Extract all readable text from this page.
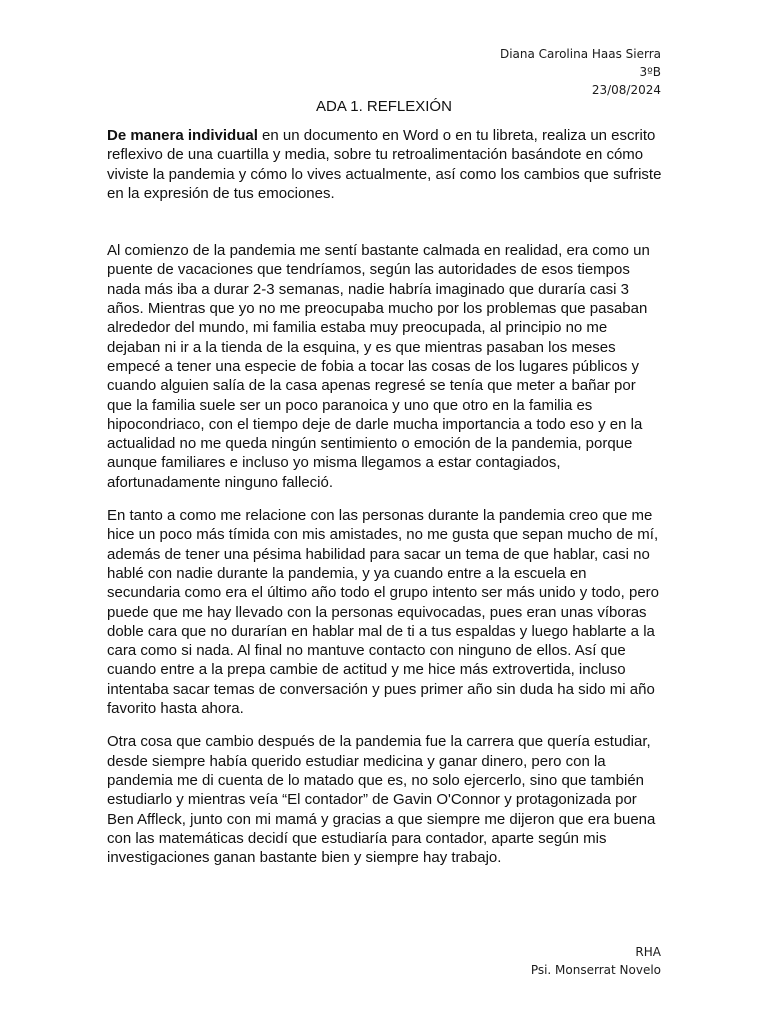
Diana Carolina Haas Sierra
3ºB
23/08/2024
ADA 1. REFLEXIÓN

De manera individual en un documento en Word o en tu libreta, realiza un escrito reflexivo de una cuartilla y media, sobre tu retroalimentación basándote en cómo viviste la pandemia y cómo lo vives actualmente, así como los cambios que sufriste en la expresión de tus emociones.

Al comienzo de la pandemia me sentí bastante calmada en realidad, era como un puente de vacaciones que tendríamos, según las autoridades de esos tiempos nada más iba a durar 2-3 semanas, nadie habría imaginado que duraría casi 3 años. Mientras que yo no me preocupaba mucho por los problemas que pasaban alrededor del mundo, mi familia estaba muy preocupada, al principio no me dejaban ni ir a la tienda de la esquina, y es que mientras pasaban los meses empecé a tener una especie de fobia a tocar las cosas de los lugares públicos y cuando alguien salía de la casa apenas regresé se tenía que meter a bañar por que la familia suele ser un poco paranoica y uno que otro en la familia es hipocondriaco, con el tiempo deje de darle mucha importancia a todo eso y en la actualidad no me queda ningún sentimiento o emoción de la pandemia, porque aunque familiares e incluso yo misma llegamos a estar contagiados, afortunadamente ninguno falleció.

En tanto a como me relacione con las personas durante la pandemia creo que me hice un poco más tímida con mis amistades, no me gusta que sepan mucho de mí, además de tener una pésima habilidad para sacar un tema de que hablar, casi no hablé con nadie durante la pandemia, y ya cuando entre a la escuela en secundaria como era el último año todo el grupo intento ser más unido y todo, pero puede que me hay llevado con la personas equivocadas, pues eran unas víboras doble cara que no durarían en hablar mal de ti a tus espaldas y luego hablarte a la cara como si nada. Al final no mantuve contacto con ninguno de ellos. Así que cuando entre a la prepa cambie de actitud y me hice más extrovertida, incluso intentaba sacar temas de conversación y pues primer año sin duda ha sido mi año favorito hasta ahora.

Otra cosa que cambio después de la pandemia fue la carrera que quería estudiar, desde siempre había querido estudiar medicina y ganar dinero, pero con la pandemia me di cuenta de lo matado que es, no solo ejercerlo, sino que también estudiarlo y mientras veía “El contador” de Gavin O'Connor y protagonizada por Ben Affleck, junto con mi mamá y gracias a que siempre me dijeron que era buena con las matemáticas decidí que estudiaría para contador, aparte según mis investigaciones ganan bastante bien y siempre hay trabajo.

RHA
Psi. Monserrat Novelo
